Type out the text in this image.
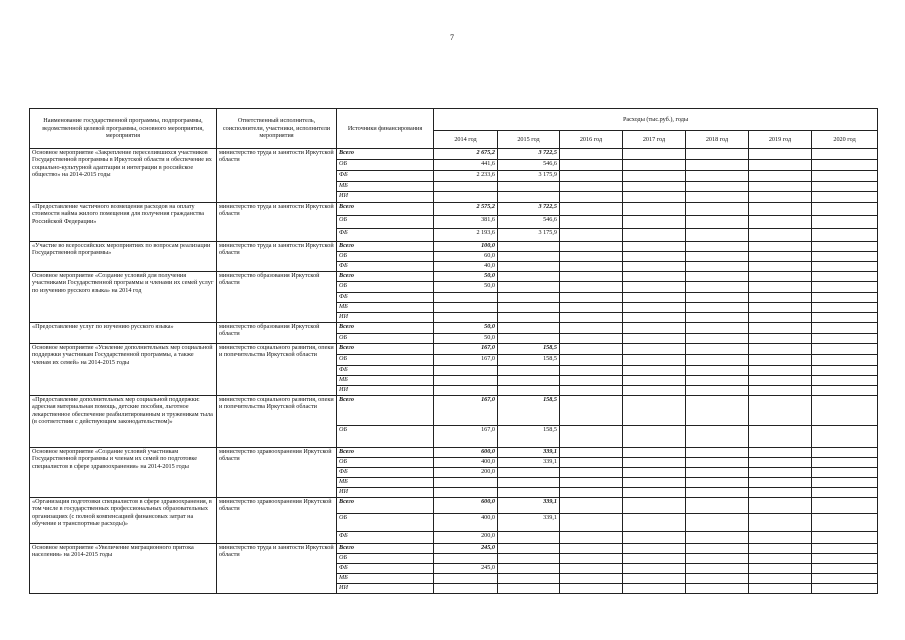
7
Наименование государственной программы, подпрограммы, ведомственной целевой программы, основного мероприятия, мероприятия	Ответственный исполнитель, соисполнители, участники, исполнители мероприятия	Источники финансирования	Расходы (тыс.руб.), годы						
			2014 год	2015 год	2016 год	2017 год	2018 год	2019 год	2020 год
Основное мероприятие «Закрепление переселившихся участников Государственной программы в Иркутской области и обеспечение их социально-культурной адаптации и интеграции в российское общество» на 2014-2015 годы	министерство труда и занятости Иркутской области	Всего	2 675,2	3 722,5					
		ОБ	441,6	546,6					
		ФБ	2 233,6	3 175,9					
		МБ							
		ИИ							
«Предоставление частичного возмещения расходов на оплату стоимости найма жилого помещения для получения гражданства Российской Федерации»	министерство труда и занятости Иркутской области	Всего	2 575,2	3 722,5					
		ОБ	381,6	546,6					
		ФБ	2 193,6	3 175,9					
«Участие во всероссийских мероприятиях по вопросам реализации Государственной программы»	министерство труда и занятости Иркутской области	Всего	100,0						
		ОБ	60,0						
		ФБ	40,0						
Основное мероприятие «Создание условий для получения участниками Государственной программы и членами их семей услуг по изучению русского языка» на 2014 год	министерство образования Иркутской области	Всего	50,0						
		ОБ	50,0						
		ФБ							
		МБ							
		ИИ							
«Предоставление услуг по изучению русского языка»	министерство образования Иркутской области	Всего	50,0						
		ОБ	50,0						
Основное мероприятие «Усиление дополнительных мер социальной поддержки участникам Государственной программы, а также членам их семей» на 2014-2015 годы	министерство социального развития, опеки и попечительства Иркутской области	Всего	167,0	158,5					
		ОБ	167,0	158,5					
		ФБ							
		МБ							
		ИИ							
«Предоставление дополнительных мер социальной поддержки: адресная материальная помощь, детские пособия, льготное лекарственное обеспечение реабилитированным и труженикам тыла (в соответствии с действующим законодательством)»	министерство социального развития, опеки и попечительства Иркутской области	Всего	167,0	158,5					
		ОБ	167,0	158,5					
Основное мероприятие «Создание условий участникам Государственной программы и членам их семей по подготовке специалистов в сфере здравоохранения» на 2014-2015 годы	министерство здравоохранения Иркутской области	Всего	600,0	339,1					
		ОБ	400,0	339,1					
		ФБ	200,0						
		МБ							
		ИИ							
«Организация подготовки специалистов в сфере здравоохранения, в том числе в государственных профессиональных образовательных организациях (с полной компенсацией финансовых затрат на обучение и транспортные расходы)»	министерство здравоохранения Иркутской области	Всего	600,0	339,1					
		ОБ	400,0	339,1					
		ФБ	200,0						
Основное мероприятие «Увеличение миграционного притока населения» на 2014-2015 годы	министерство труда и занятости Иркутской области	Всего	245,0						
		ОБ							
		ФБ	245,0						
		МБ							
		ИИ							
